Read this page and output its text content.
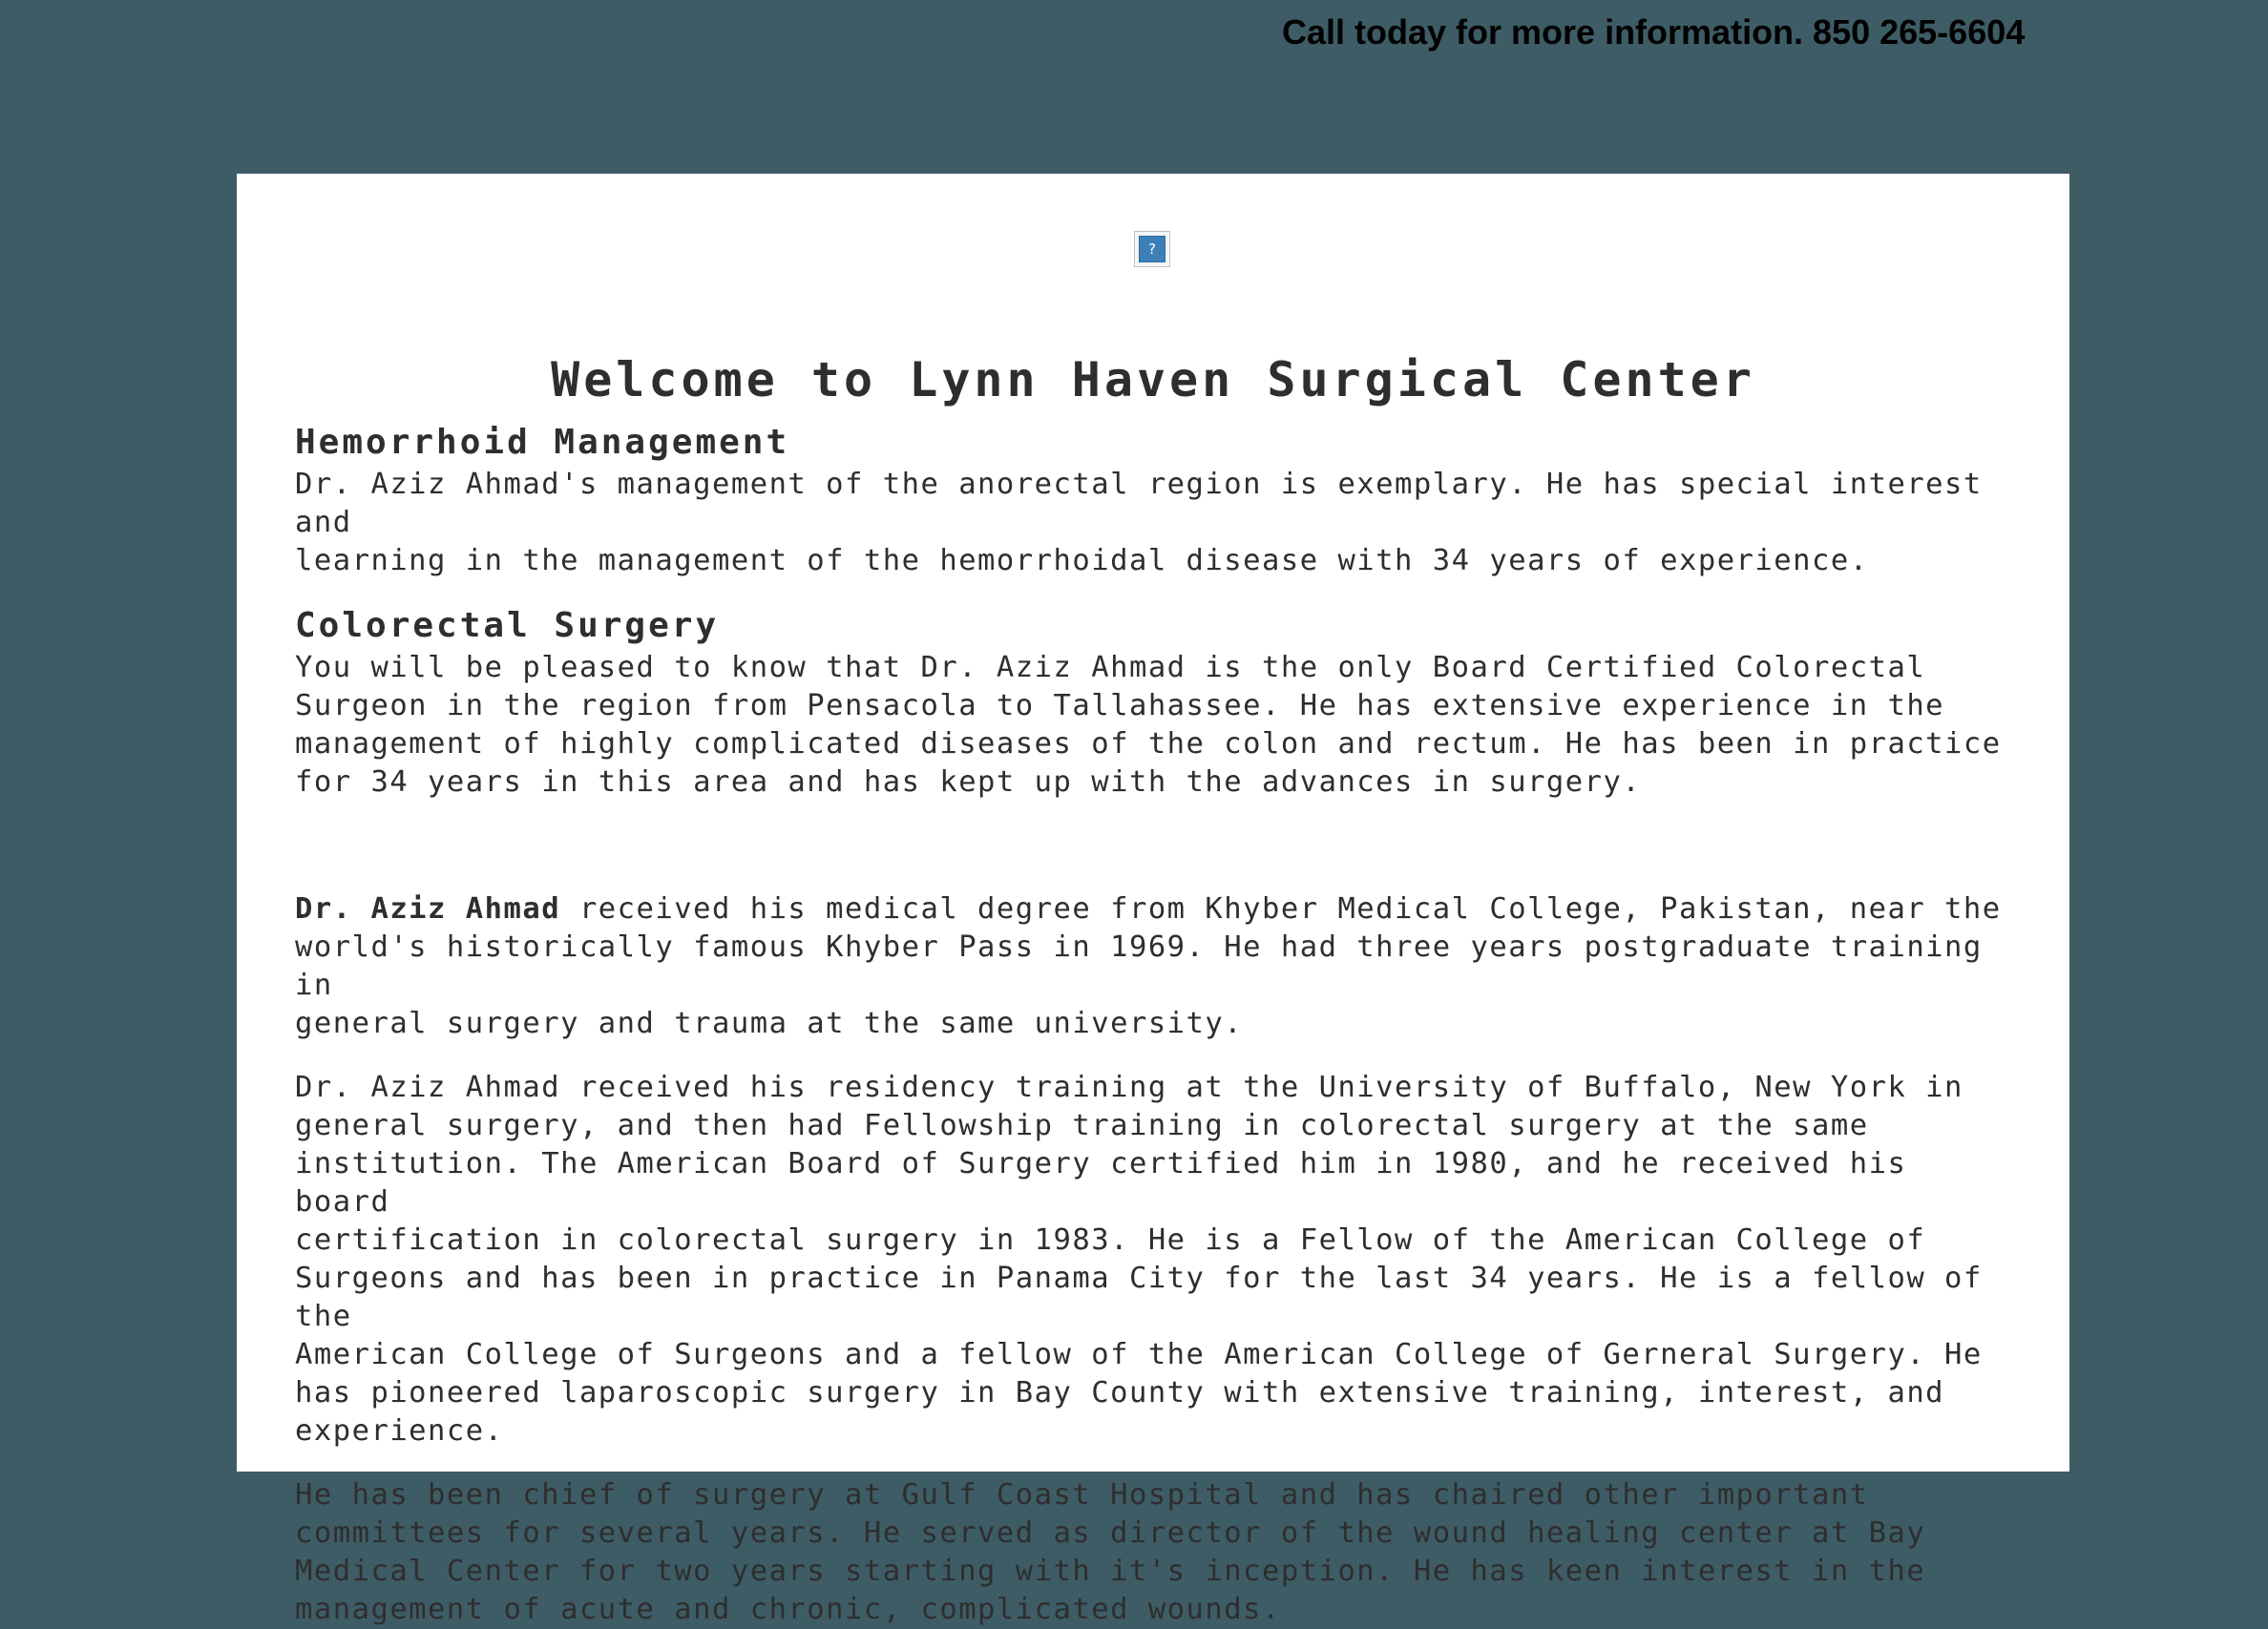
Call today for more information. 850 265-6604
?
Welcome to Lynn Haven Surgical Center
Hemorrhoid Management

Dr. Aziz Ahmad's management of the anorectal region is exemplary. He has special interest and
learning in the management of the hemorrhoidal disease with 34 years of experience.

Colorectal Surgery

You will be pleased to know that Dr. Aziz Ahmad is the only Board Certified Colorectal
Surgeon in the region from Pensacola to Tallahassee. He has extensive experience in the
management of highly complicated diseases of the colon and rectum. He has been in practice
for 34 years in this area and has kept up with the advances in surgery.

Dr. Aziz Ahmad received his medical degree from Khyber Medical College, Pakistan, near the
world's historically famous Khyber Pass in 1969. He had three years postgraduate training in
general surgery and trauma at the same university.

Dr. Aziz Ahmad received his residency training at the University of Buffalo, New York in
general surgery, and then had Fellowship training in colorectal surgery at the same
institution. The American Board of Surgery certified him in 1980, and he received his board
certification in colorectal surgery in 1983. He is a Fellow of the American College of
Surgeons and has been in practice in Panama City for the last 34 years. He is a fellow of the
American College of Surgeons and a fellow of the American College of Gerneral Surgery. He
has pioneered laparoscopic surgery in Bay County with extensive training, interest, and
experience.

He has been chief of surgery at Gulf Coast Hospital and has chaired other important
committees for several years. He served as director of the wound healing center at Bay
Medical Center for two years starting with it's inception. He has keen interest in the
management of acute and chronic, complicated wounds.
